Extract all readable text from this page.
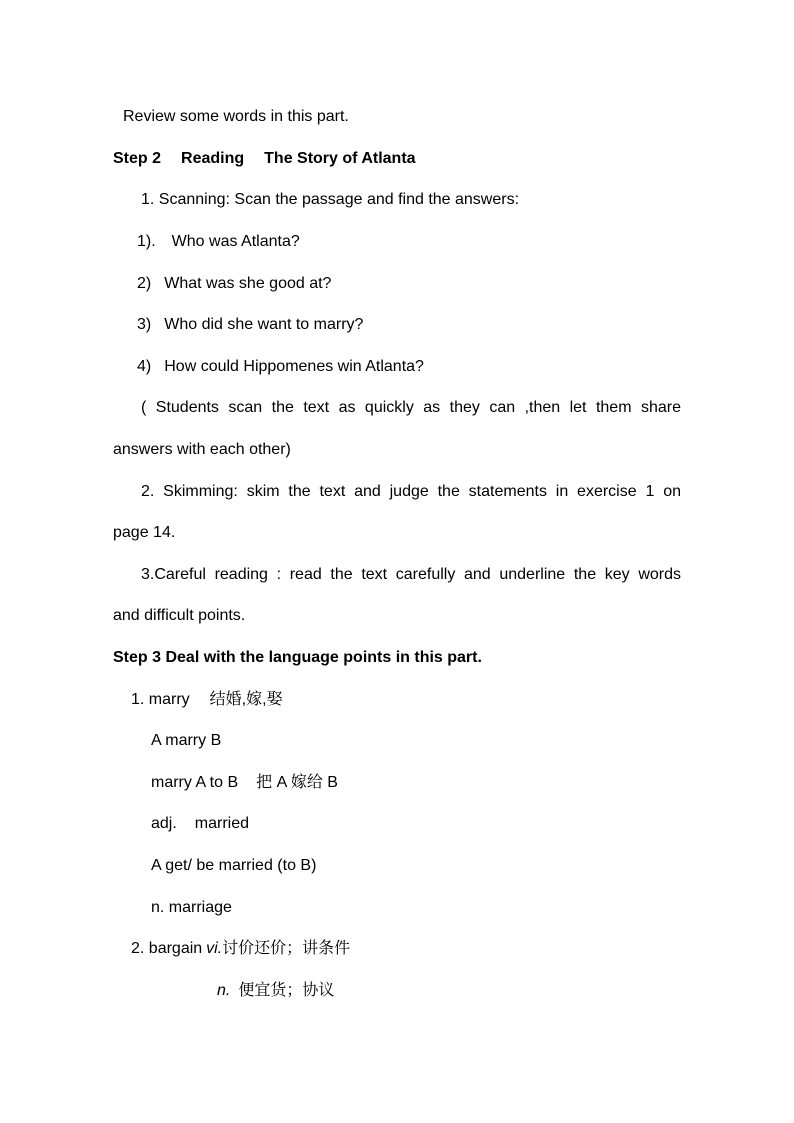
Review some words in this part.
Step 2 Reading The Story of Atlanta
1. Scanning: Scan the passage and find the answers:
1). Who was Atlanta?
2) What was she good at?
3) Who did she want to marry?
4) How could Hippomenes win Atlanta?
( Students scan the text as quickly as they can ,then let them share
answers with each other)
2. Skimming: skim the text and judge the statements in exercise 1 on
page 14.
3.Careful reading : read the text carefully and underline the key words
and difficult points.
Step 3 Deal with the language points in this part.
1. marry 结婚,嫁,娶
A marry B
marry A to B 把 A 嫁给 B
adj. married
A get/ be married (to B)
n. marriage
2. bargain vi.讨价还价；讲条件
n. 便宜货；协议
